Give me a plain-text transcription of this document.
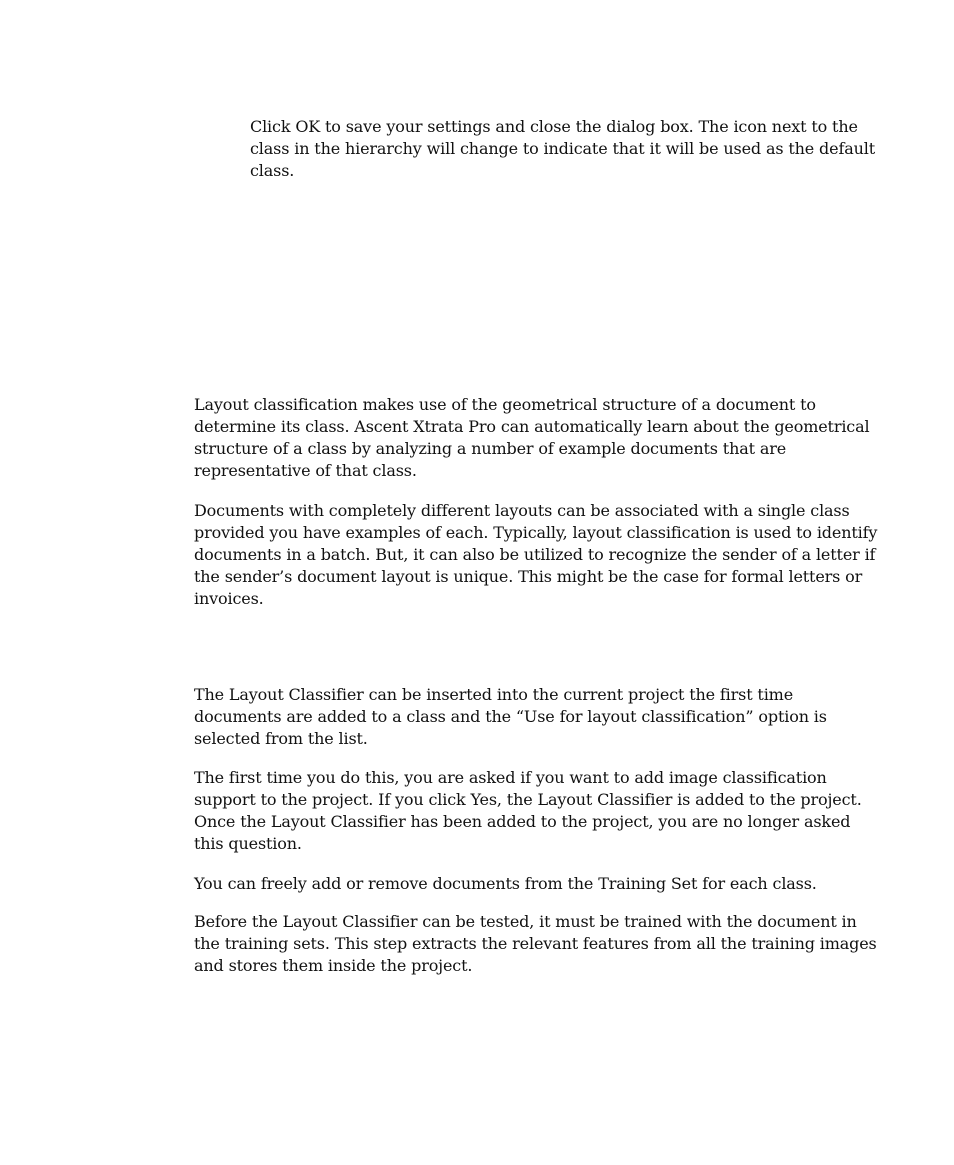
Click OK to save your settings and close the dialog box. The icon next to the class in the hierarchy will change to indicate that it will be used as the default class.

Layout classification makes use of the geometrical structure of a document to determine its class. Ascent Xtrata Pro can automatically learn about the geometrical structure of a class by analyzing a number of example documents that are representative of that class.

Documents with completely different layouts can be associated with a single class provided you have examples of each. Typically, layout classification is used to identify documents in a batch. But, it can also be utilized to recognize the sender of a letter if the sender’s document layout is unique. This might be the case for formal letters or invoices.

The Layout Classifier can be inserted into the current project the first time documents are added to a class and the “Use for layout classification” option is selected from the list.

The first time you do this, you are asked if you want to add image classification support to the project. If you click Yes, the Layout Classifier is added to the project. Once the Layout Classifier has been added to the project, you are no longer asked this question.

You can freely add or remove documents from the Training Set for each class.

Before the Layout Classifier can be tested, it must be trained with the document in the training sets. This step extracts the relevant features from all the training images and stores them inside the project.
